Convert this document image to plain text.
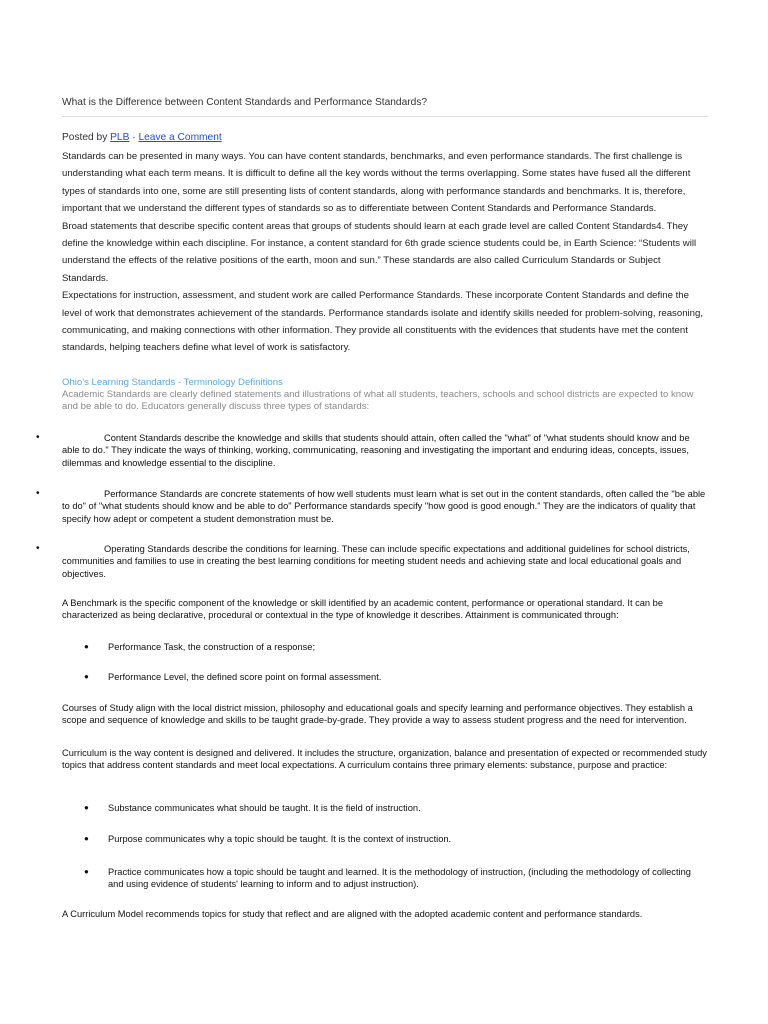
What is the Difference between Content Standards and Performance Standards?
Posted by PLB · Leave a Comment

Standards can be presented in many ways. You can have content standards, benchmarks, and even performance standards. The first challenge is understanding what each term means. It is difficult to define all the key words without the terms overlapping. Some states have fused all the different types of standards into one, some are still presenting lists of content standards, along with performance standards and benchmarks. It is, therefore, important that we understand the different types of standards so as to differentiate between Content Standards and Performance Standards.

Broad statements that describe specific content areas that groups of students should learn at each grade level are called Content Standards4. They define the knowledge within each discipline. For instance, a content standard for 6th grade science students could be, in Earth Science: “Students will understand the effects of the relative positions of the earth, moon and sun.” These standards are also called Curriculum Standards or Subject Standards.

Expectations for instruction, assessment, and student work are called Performance Standards. These incorporate Content Standards and define the level of work that demonstrates achievement of the standards. Performance standards isolate and identify skills needed for problem-solving, reasoning, communicating, and making connections with other information. They provide all constituents with the evidences that students have met the content standards, helping teachers define what level of work is satisfactory.

Ohio's Learning Standards - Terminology Definitions
Academic Standards are clearly defined statements and illustrations of what all students, teachers, schools and school districts are expected to know and be able to do. Educators generally discuss three types of standards:
•	Content Standards describe the knowledge and skills that students should attain, often called the "what" of "what students should know and be able to do." They indicate the ways of thinking, working, communicating, reasoning and investigating the important and enduring ideas, concepts, issues, dilemmas and knowledge essential to the discipline.
•	Performance Standards are concrete statements of how well students must learn what is set out in the content standards, often called the "be able to do" of "what students should know and be able to do" Performance standards specify "how good is good enough." They are the indicators of quality that specify how adept or competent a student demonstration must be.
•	Operating Standards describe the conditions for learning. These can include specific expectations and additional guidelines for school districts, communities and families to use in creating the best learning conditions for meeting student needs and achieving state and local educational goals and objectives.
A Benchmark is the specific component of the knowledge or skill identified by an academic content, performance or operational standard. It can be characterized as being declarative, procedural or contextual in the type of knowledge it describes. Attainment is communicated through:
● Performance Task, the construction of a response;
● Performance Level, the defined score point on formal assessment.
Courses of Study align with the local district mission, philosophy and educational goals and specify learning and performance objectives. They establish a scope and sequence of knowledge and skills to be taught grade-by-grade. They provide a way to assess student progress and the need for intervention.
Curriculum is the way content is designed and delivered. It includes the structure, organization, balance and presentation of expected or recommended study topics that address content standards and meet local expectations. A curriculum contains three primary elements: substance, purpose and practice:
● Substance communicates what should be taught. It is the field of instruction.
● Purpose communicates why a topic should be taught. It is the context of instruction.
● Practice communicates how a topic should be taught and learned. It is the methodology of instruction, (including the methodology of collecting and using evidence of students' learning to inform and to adjust instruction).
A Curriculum Model recommends topics for study that reflect and are aligned with the adopted academic content and performance standards.
